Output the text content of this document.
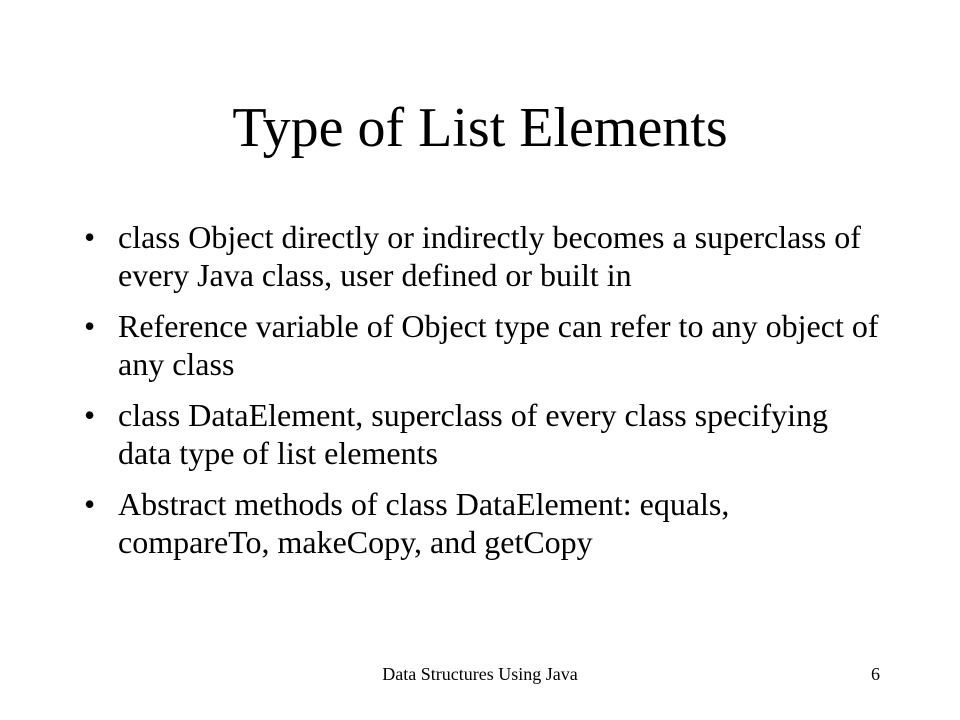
Type of List Elements
• class Object directly or indirectly becomes a superclass of every Java class, user defined or built in
• Reference variable of Object type can refer to any object of any class
• class DataElement, superclass of every class specifying data type of list elements
• Abstract methods of class DataElement: equals, compareTo, makeCopy, and getCopy
Data Structures Using Java	6
